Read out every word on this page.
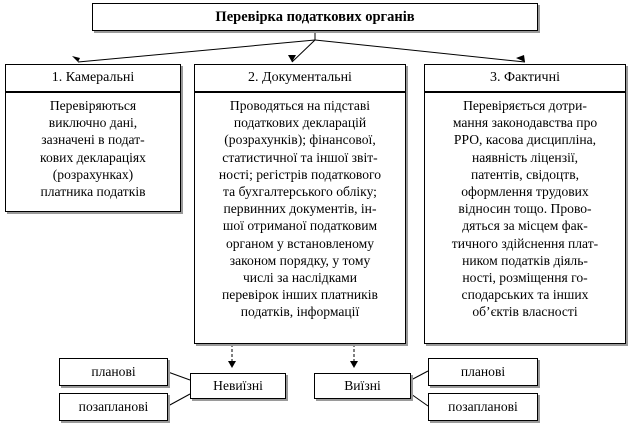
Перевірка податкових органів
1. Камеральні
Перевіряються
виключно дані,
зазначені в подат-
кових деклараціях
(розрахунках)
платника податків
2. Документальні
Проводяться на підставі
податкових декларацій
(розрахунків); фінансової,
статистичної та іншої звіт-
ності; регістрів податкового
та бухгалтерського обліку;
первинних документів, ін-
шої отриманої податковим
органом у встановленому
законом порядку, у тому
числі за наслідками
перевірок інших платників
податків, інформації
3. Фактичні
Перевіряється дотри-
мання законодавства про
РРО, касова дисципліна,
наявність ліцензії,
патентів, свідоцтв,
оформлення трудових
відносин тощо. Прово-
дяться за місцем фак-
тичного здійснення плат-
ником податків діяль-
ності, розміщення го-
сподарських та інших
об’єктів власності
Невиїзні	Виїзні
планові
позапланові
планові
позапланові
